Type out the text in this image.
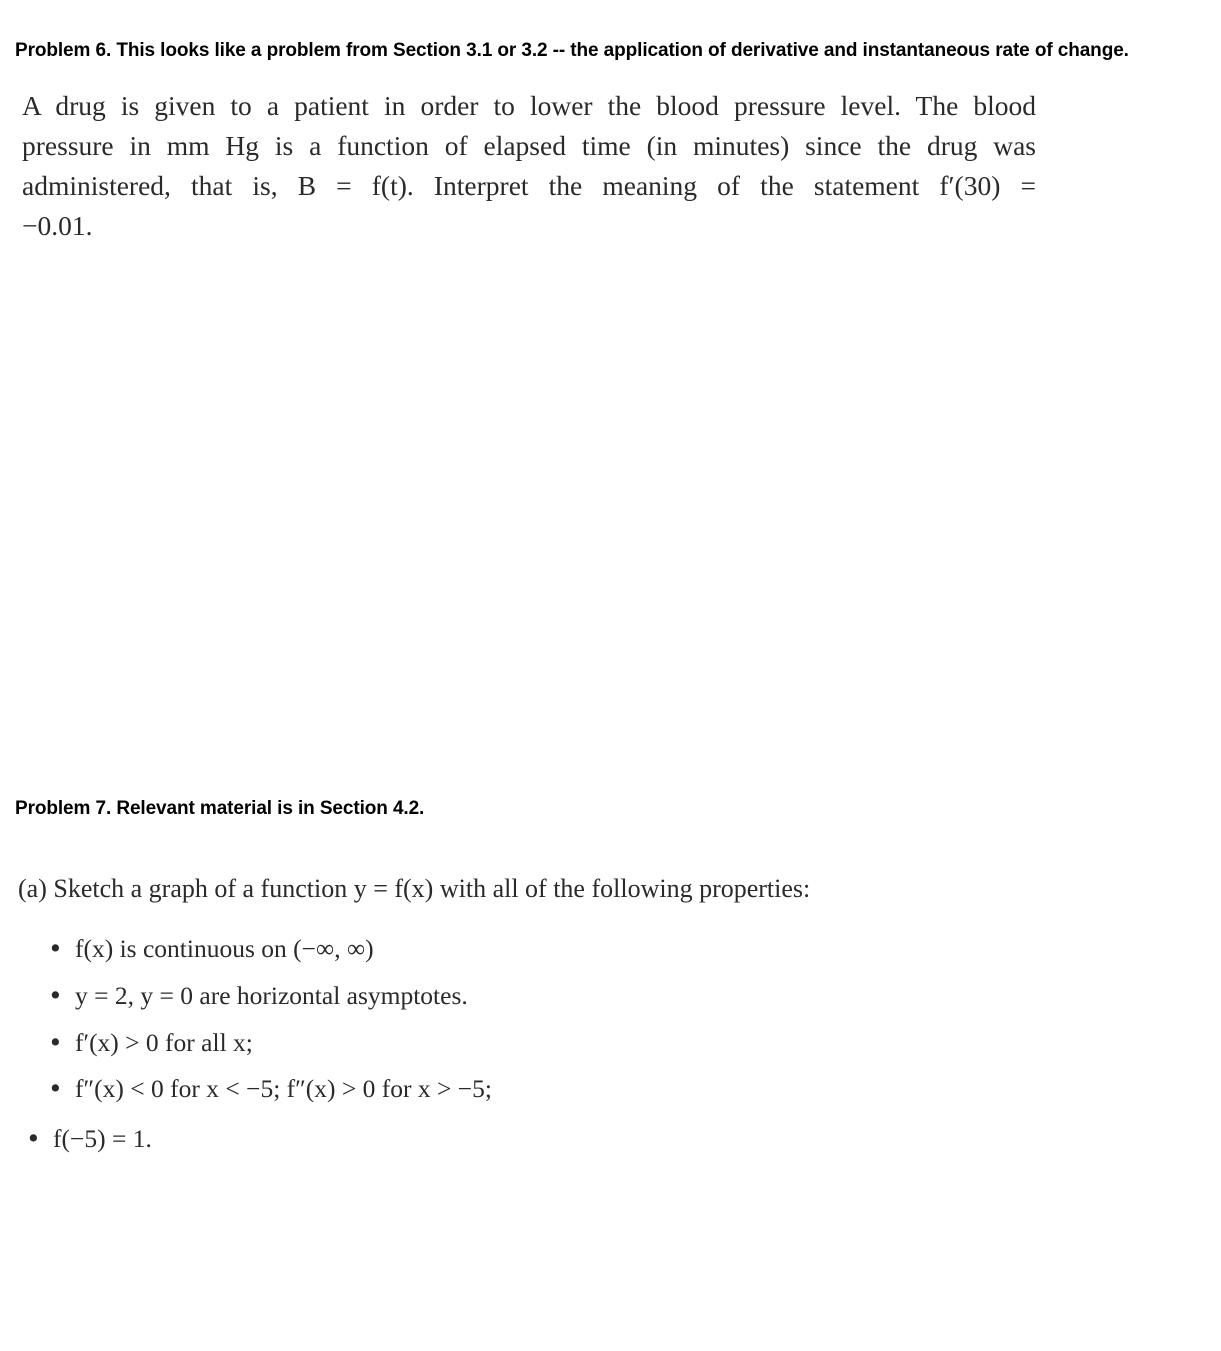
Problem 6. This looks like a problem from Section 3.1 or 3.2 -- the application of derivative and instantaneous rate of change.
A drug is given to a patient in order to lower the blood pressure level. The blood
pressure in mm Hg is a function of elapsed time (in minutes) since the drug was
administered, that is, B = f(t). Interpret the meaning of the statement f′(30) =
−0.01.
Problem 7. Relevant material is in Section 4.2.
(a) Sketch a graph of a function y = f(x) with all of the following properties:
• f(x) is continuous on (−∞, ∞)
• y = 2, y = 0 are horizontal asymptotes.
• f′(x) > 0 for all x;
• f″(x) < 0 for x < −5; f″(x) > 0 for x > −5;
• f(−5) = 1.
